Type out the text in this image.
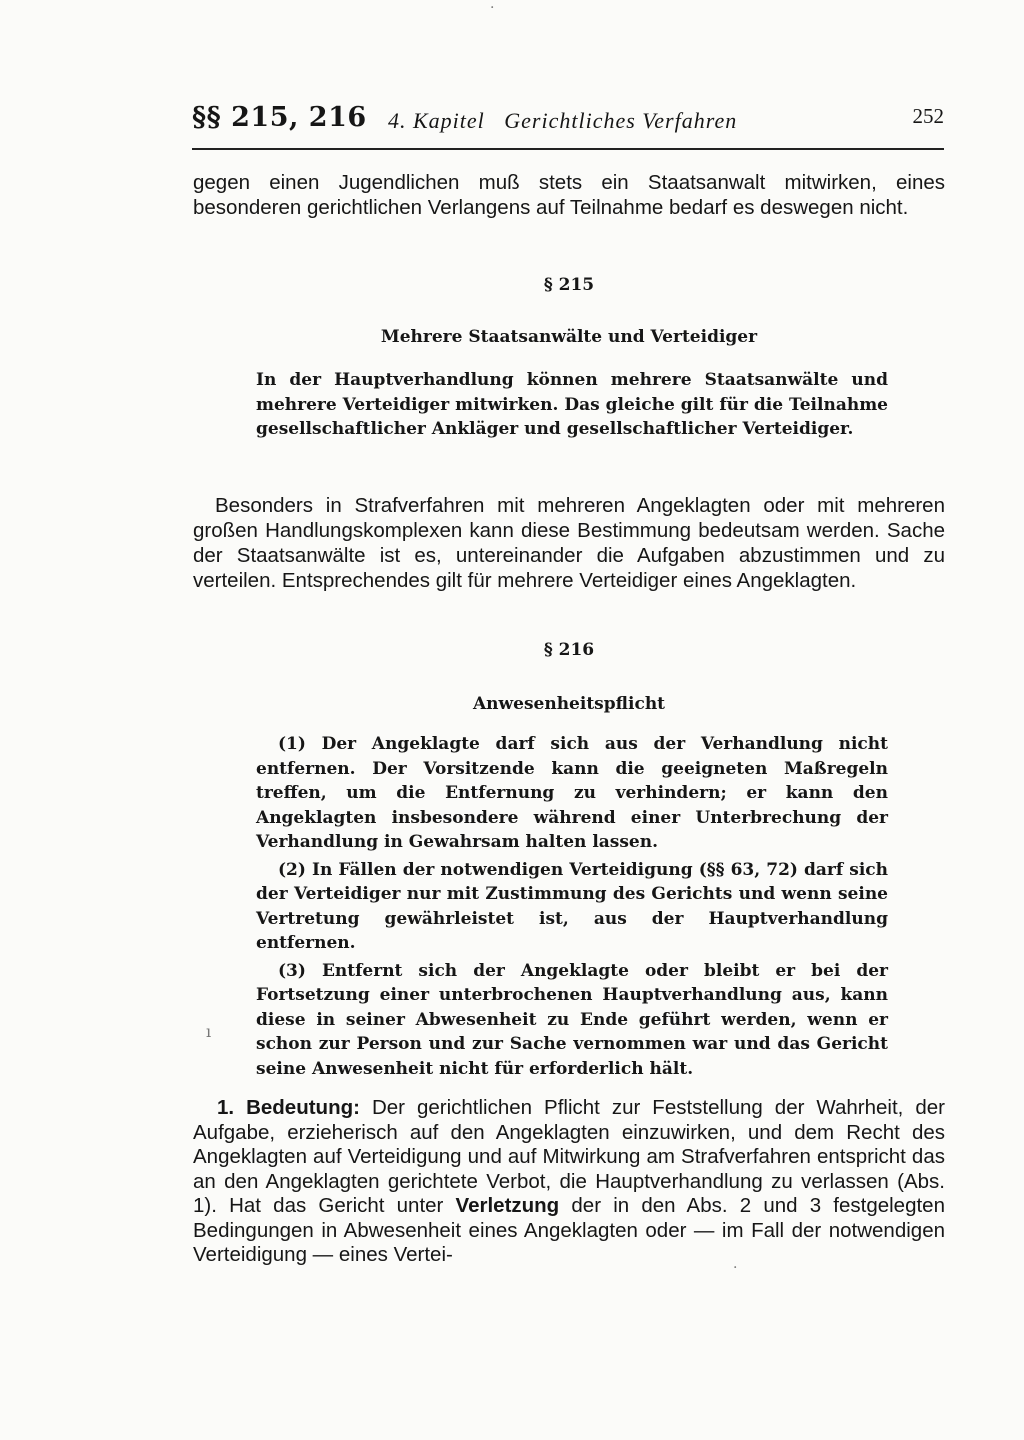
·
§§ 215, 216 4. Kapitel   Gerichtliches Verfahren	252
gegen einen Jugendlichen muß stets ein Staatsanwalt mitwirken, eines besonderen gerichtlichen Verlangens auf Teilnahme bedarf es deswegen nicht.
§ 215
Mehrere Staatsanwälte und Verteidiger
In der Hauptverhandlung können mehrere Staatsanwälte und mehrere Verteidiger mitwirken. Das gleiche gilt für die Teilnahme gesellschaftlicher Ankläger und gesellschaftlicher Verteidiger.
Besonders in Strafverfahren mit mehreren Angeklagten oder mit mehreren großen Handlungskomplexen kann diese Bestimmung bedeutsam werden. Sache der Staatsanwälte ist es, untereinander die Aufgaben abzustimmen und zu verteilen. Entsprechendes gilt für mehrere Verteidiger eines Angeklagten.
§ 216
Anwesenheitspflicht

(1) Der Angeklagte darf sich aus der Verhandlung nicht entfernen. Der Vorsitzende kann die geeigneten Maßregeln treffen, um die Entfernung zu verhindern; er kann den Angeklagten insbesondere während einer Unterbrechung der Verhandlung in Gewahrsam halten lassen.

(2) In Fällen der notwendigen Verteidigung (§§ 63, 72) darf sich der Verteidiger nur mit Zustimmung des Gerichts und wenn seine Vertretung gewährleistet ist, aus der Hauptverhandlung entfernen.

(3) Entfernt sich der Angeklagte oder bleibt er bei der Fortsetzung einer unterbrochenen Hauptverhandlung aus, kann diese in seiner Abwesenheit zu Ende geführt werden, wenn er schon zur Person und zur Sache vernommen war und das Gericht seine Anwesenheit nicht für erforderlich hält.

ı
1. Bedeutung: Der gerichtlichen Pflicht zur Feststellung der Wahrheit, der Aufgabe, erzieherisch auf den Angeklagten einzuwirken, und dem Recht des Angeklagten auf Verteidigung und auf Mitwirkung am Strafverfahren entspricht das an den Angeklagten gerichtete Verbot, die Hauptverhandlung zu verlassen (Abs. 1). Hat das Gericht unter Verletzung der in den Abs. 2 und 3 festgelegten Bedingungen in Abwesenheit eines Angeklagten oder — im Fall der notwendigen Verteidigung — eines Vertei-
·
